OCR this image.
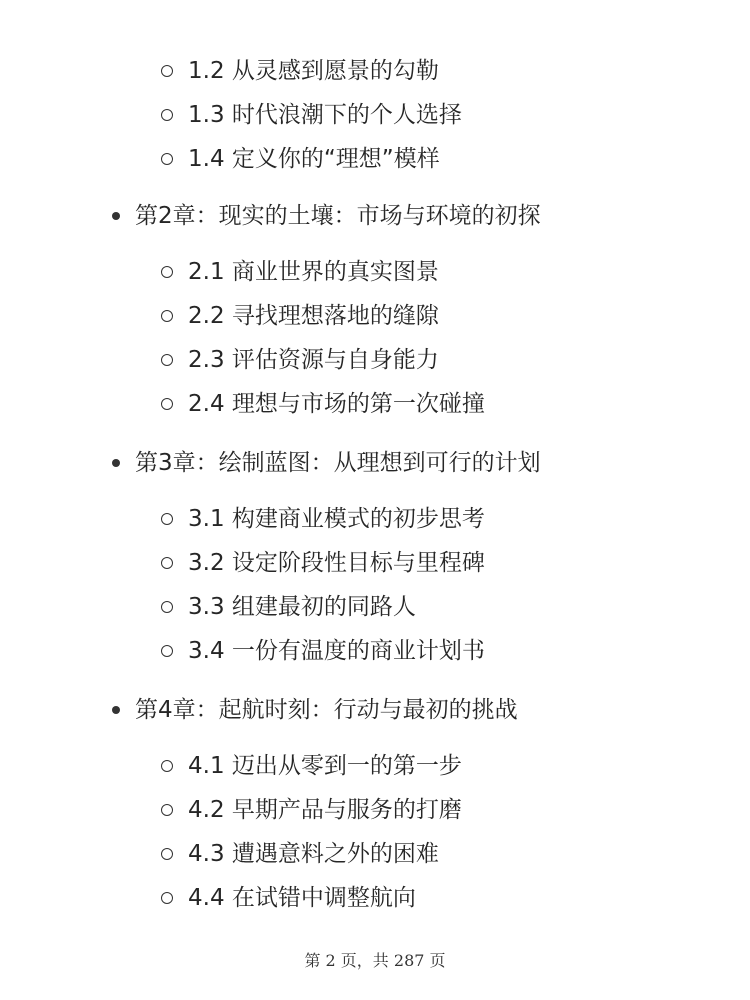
1.2 从灵感到愿景的勾勒
1.3 时代浪潮下的个人选择
1.4 定义你的“理想”模样
第2章：现实的土壤：市场与环境的初探
2.1 商业世界的真实图景
2.2 寻找理想落地的缝隙
2.3 评估资源与自身能力
2.4 理想与市场的第一次碰撞
第3章：绘制蓝图：从理想到可行的计划
3.1 构建商业模式的初步思考
3.2 设定阶段性目标与里程碑
3.3 组建最初的同路人
3.4 一份有温度的商业计划书
第4章：起航时刻：行动与最初的挑战
4.1 迈出从零到一的第一步
4.2 早期产品与服务的打磨
4.3 遭遇意料之外的困难
4.4 在试错中调整航向
第 2 页，共 287 页
